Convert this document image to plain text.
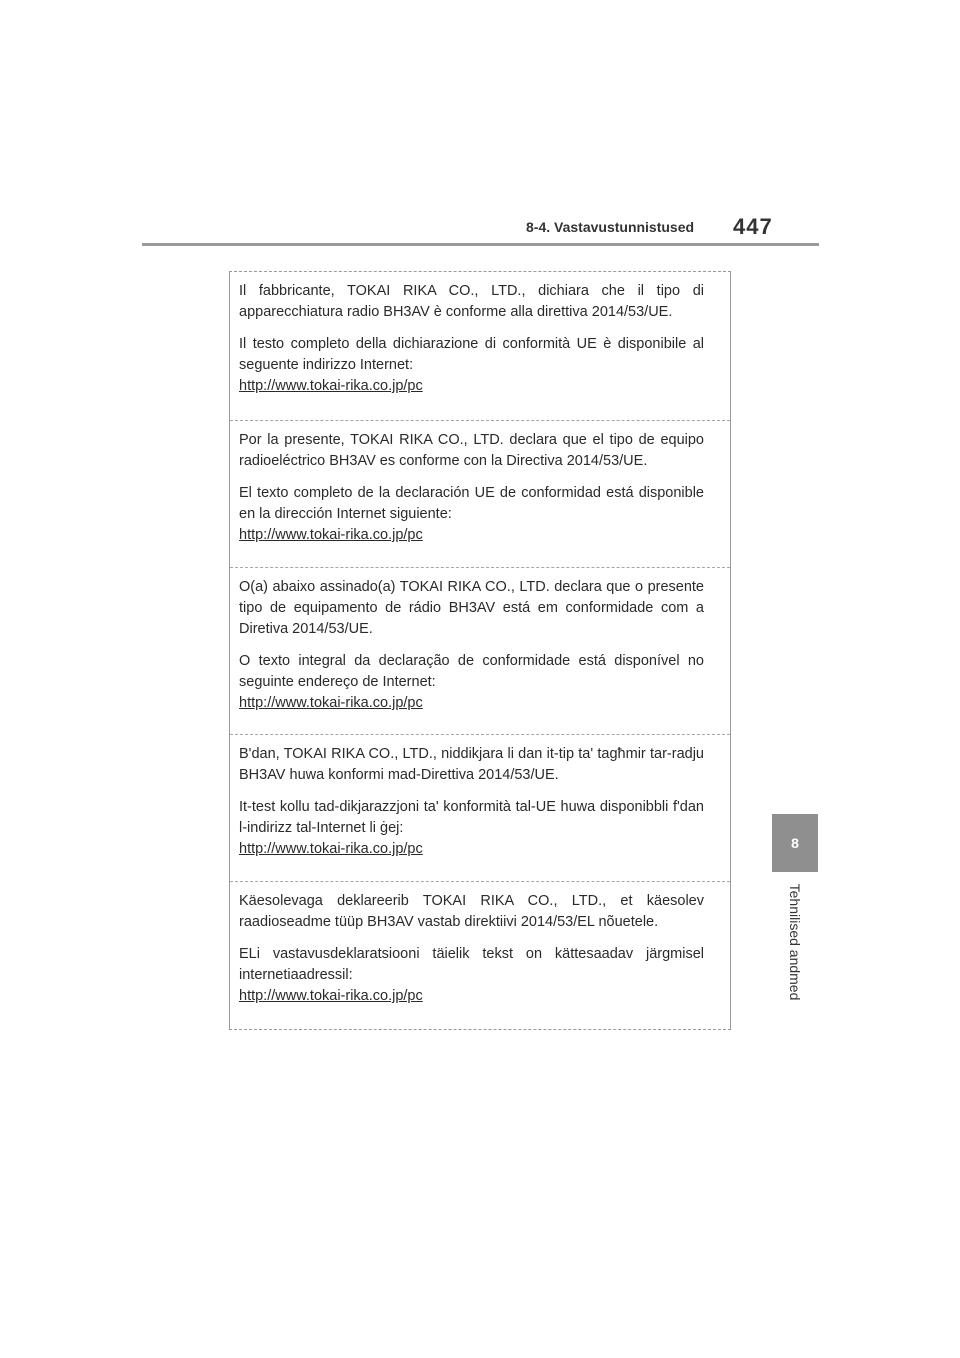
8-4. Vastavustunnistused 447
8
Tehnilised andmed

Il fabbricante, TOKAI RIKA CO., LTD., dichiara che il tipo di apparecchiatura radio BH3AV è conforme alla direttiva 2014/53/UE.

Il testo completo della dichiarazione di conformità UE è disponibile al seguente indirizzo Internet:

http://www.tokai-rika.co.jp/pc

Por la presente, TOKAI RIKA CO., LTD. declara que el tipo de equipo radioeléctrico BH3AV es conforme con la Directiva 2014/53/UE.

El texto completo de la declaración UE de conformidad está disponible en la dirección Internet siguiente:

http://www.tokai-rika.co.jp/pc

O(a) abaixo assinado(a) TOKAI RIKA CO., LTD. declara que o presente tipo de equipamento de rádio BH3AV está em conformidade com a Diretiva 2014/53/UE.

O texto integral da declaração de conformidade está disponível no seguinte endereço de Internet:

http://www.tokai-rika.co.jp/pc

B'dan, TOKAI RIKA CO., LTD., niddikjara li dan it-tip ta' tagħmir tar-radju BH3AV huwa konformi mad-Direttiva 2014/53/UE.

It-test kollu tad-dikjarazzjoni ta' konformità tal-UE huwa disponibbli f'dan l-indirizz tal-Internet li ġej:

http://www.tokai-rika.co.jp/pc

Käesolevaga deklareerib TOKAI RIKA CO., LTD., et käesolev raadioseadme tüüp BH3AV vastab direktiivi 2014/53/EL nõuetele.

ELi vastavusdeklaratsiooni täielik tekst on kättesaadav järgmisel internetiaadressil:

http://www.tokai-rika.co.jp/pc
